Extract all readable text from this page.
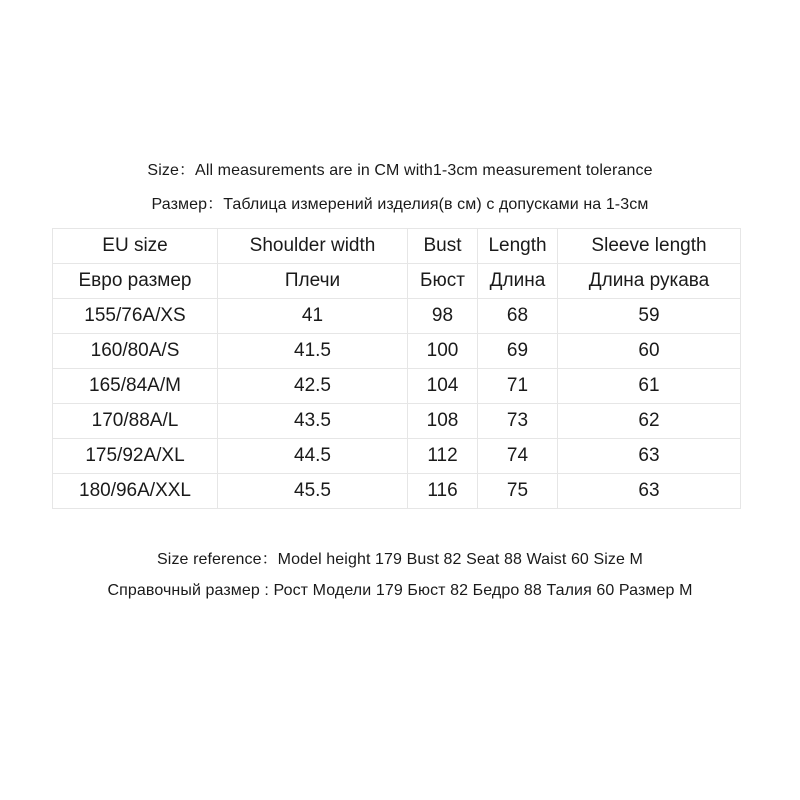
Size：All measurements are in CM with1-3cm measurement tolerance
Размер：Таблица измерений изделия(в см) с допусками на 1-3см
EU size	Shoulder width	Bust	Length	Sleeve length
Евро размер	Плечи	Бюст	Длина	Длина рукава
155/76A/XS	41	98	68	59
160/80A/S	41.5	100	69	60
165/84A/M	42.5	104	71	61
170/88A/L	43.5	108	73	62
175/92A/XL	44.5	112	74	63
180/96A/XXL	45.5	116	75	63
Size reference：Model height 179 Bust 82 Seat 88 Waist 60 Size M
Справочный размер : Рост Модели 179 Бюст 82 Бедро 88 Талия 60 Размер M
